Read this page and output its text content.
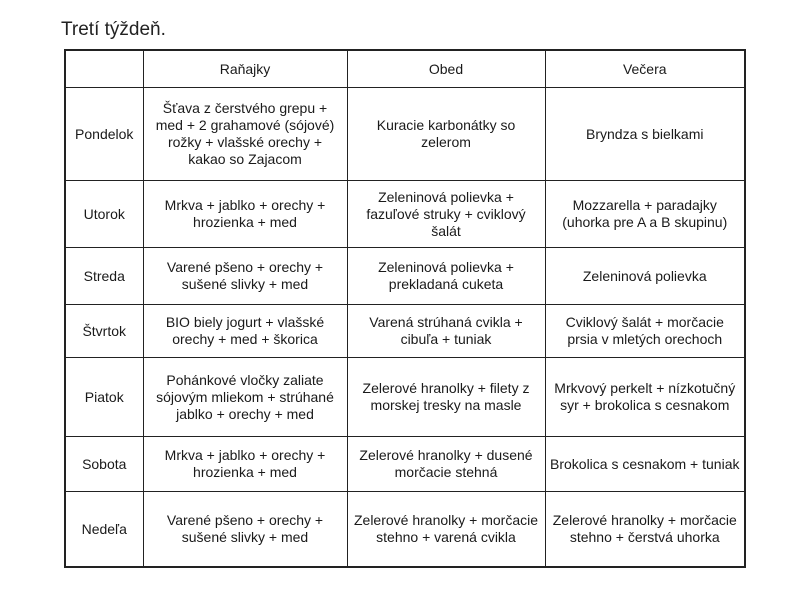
Tretí týždeň.
	Raňajky	Obed	Večera
Pondelok	Šťava z čerstvého grepu + med + 2 grahamové (sójové) rožky + vlašské orechy + kakao so Zajacom	Kuracie karbonátky so zelerom	Bryndza s bielkami
Utorok	Mrkva + jablko + orechy + hrozienka + med	Zeleninová polievka + fazuľové struky + cviklový šalát	Mozzarella + paradajky (uhorka pre A a B skupinu)
Streda	Varené pšeno + orechy + sušené slivky + med	Zeleninová polievka + prekladaná cuketa	Zeleninová polievka
Štvrtok	BIO biely jogurt + vlašské orechy + med + škorica	Varená strúhaná cvikla + cibuľa + tuniak	Cviklový šalát + morčacie prsia v mletých orechoch
Piatok	Pohánkové vločky zaliate sójovým mliekom + strúhané jablko + orechy + med	Zelerové hranolky + filety z morskej tresky na masle	Mrkvový perkelt + nízkotučný syr + brokolica s cesnakom
Sobota	Mrkva + jablko + orechy + hrozienka + med	Zelerové hranolky + dusené morčacie stehná	Brokolica s cesnakom + tuniak
Nedeľa	Varené pšeno + orechy + sušené slivky + med	Zelerové hranolky + morčacie stehno + varená cvikla	Zelerové hranolky + morčacie stehno + čerstvá uhorka
